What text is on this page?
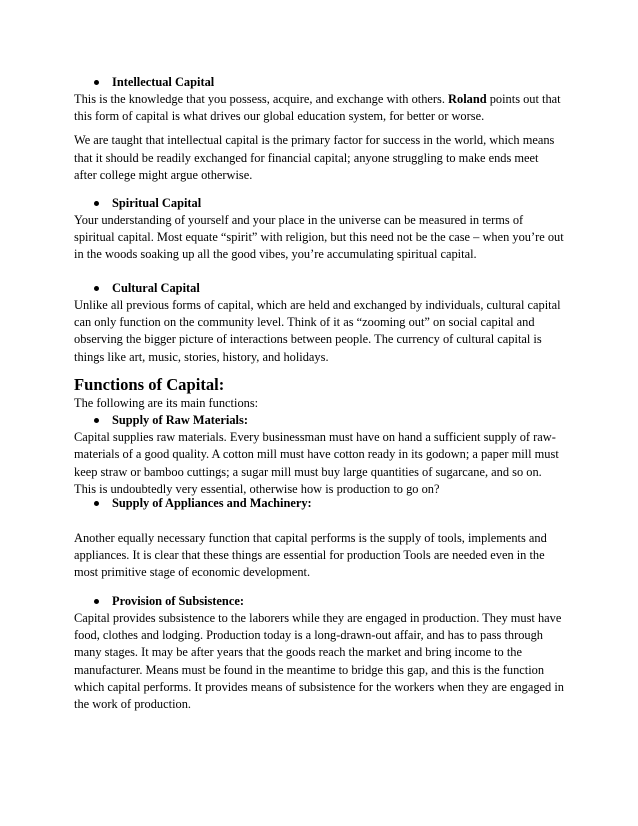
Intellectual Capital

This is the knowledge that you possess, acquire, and exchange with others. Roland points out that this form of capital is what drives our global education system, for better or worse.

We are taught that intellectual capital is the primary factor for success in the world, which means that it should be readily exchanged for financial capital; anyone struggling to make ends meet after college might argue otherwise.

Spiritual Capital

Your understanding of yourself and your place in the universe can be measured in terms of spiritual capital. Most equate “spirit” with religion, but this need not be the case – when you’re out in the woods soaking up all the good vibes, you’re accumulating spiritual capital.

Cultural Capital

Unlike all previous forms of capital, which are held and exchanged by individuals, cultural capital can only function on the community level. Think of it as “zooming out” on social capital and observing the bigger picture of interactions between people. The currency of cultural capital is things like art, music, stories, history, and holidays.

Functions of Capital:

The following are its main functions:

Supply of Raw Materials:

Capital supplies raw materials. Every businessman must have on hand a sufficient supply of raw-materials of a good quality. A cotton mill must have cotton ready in its godown; a paper mill must keep straw or bamboo cuttings; a sugar mill must buy large quantities of sugarcane, and so on. This is undoubtedly very essential, otherwise how is production to go on?

Supply of Appliances and Machinery:

Another equally necessary function that capital performs is the supply of tools, implements and appliances. It is clear that these things are essential for production Tools are needed even in the most primitive stage of economic development.

Provision of Subsistence:

Capital provides subsistence to the laborers while they are engaged in production. They must have food, clothes and lodging. Production today is a long-drawn-out affair, and has to pass through many stages. It may be after years that the goods reach the market and bring income to the manufacturer. Means must be found in the meantime to bridge this gap, and this is the function which capital performs. It provides means of subsistence for the workers when they are engaged in the work of production.
